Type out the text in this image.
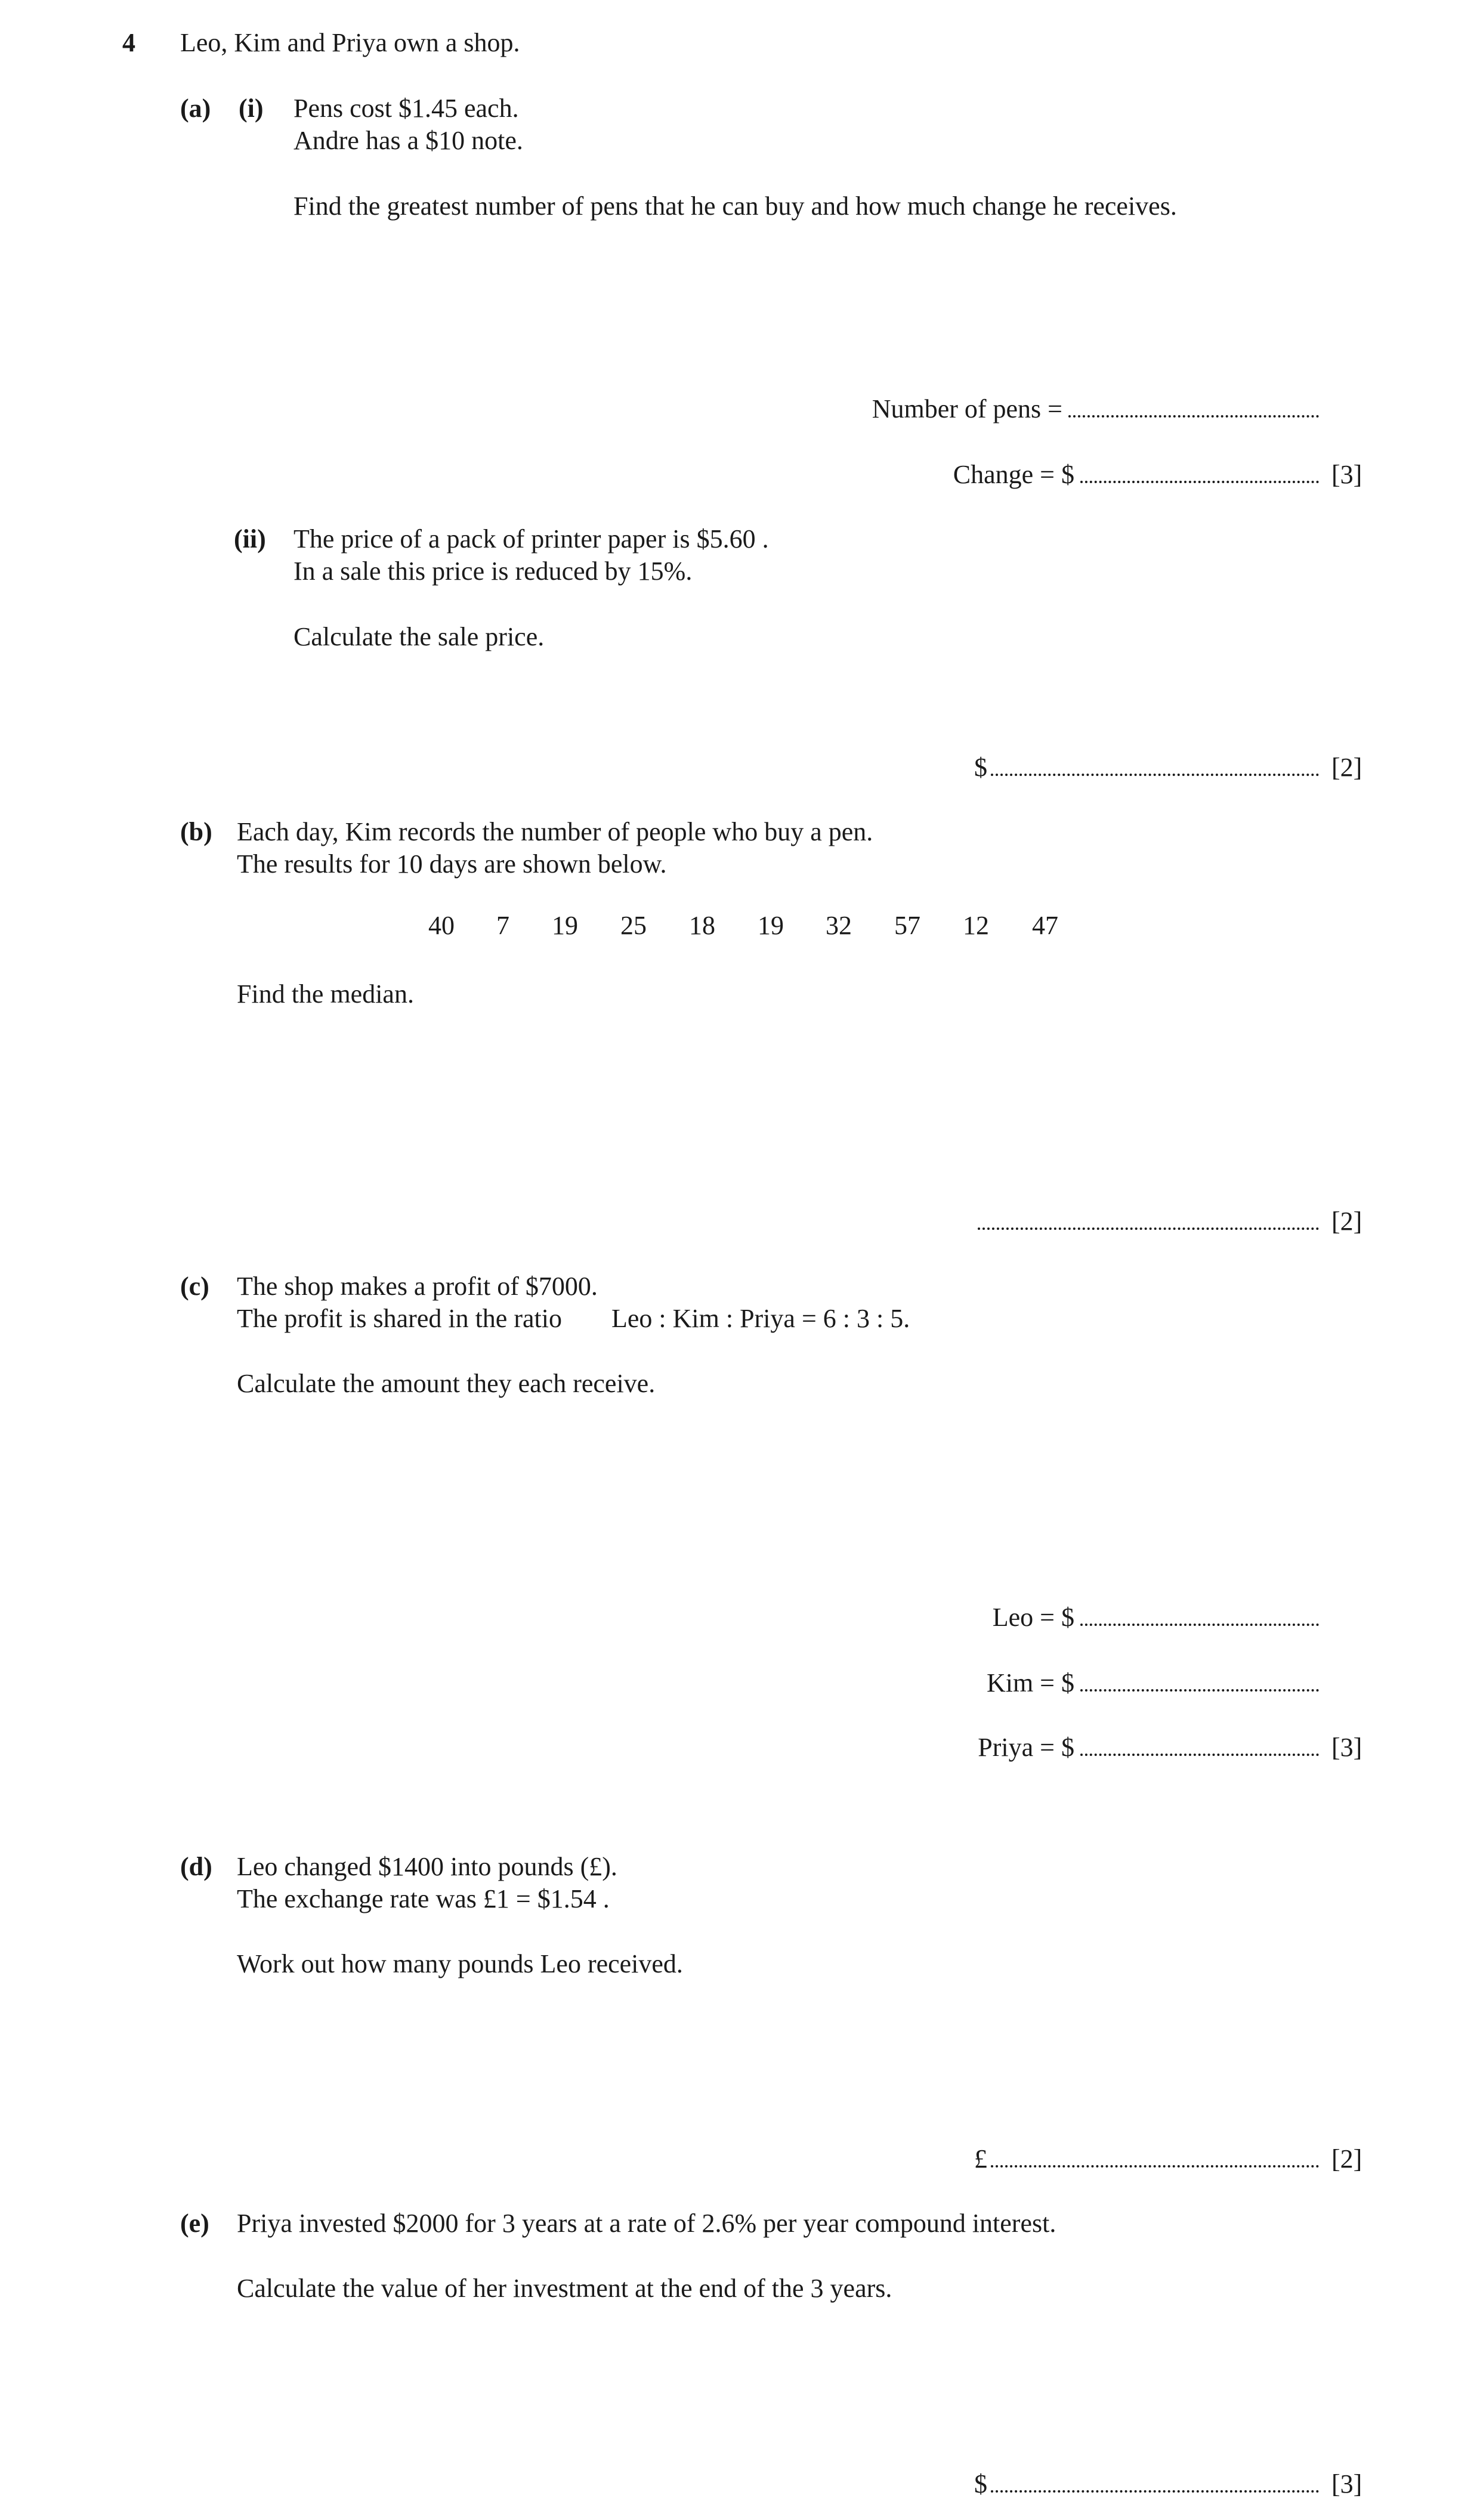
4 Leo, Kim and Priya own a shop.
(a) (i) Pens cost $1.45 each.
Andre has a $10 note.
Find the greatest number of pens that he can buy and how much change he receives.
Number of pens =
Change = $	[3]
(ii) The price of a pack of printer paper is $5.60 .
In a sale this price is reduced by 15%.
Calculate the sale price.
$	[2]
(b) Each day, Kim records the number of people who buy a pen.
The results for 10 days are shown below.
40 7 19 25 18 19 32 57 12 47
Find the median.
[2]
(c) The shop makes a profit of $7000.
The profit is shared in the ratio Leo : Kim : Priya = 6 : 3 : 5.
Calculate the amount they each receive.
Leo = $
Kim = $
Priya = $	[3]
(d) Leo changed $1400 into pounds (£).
The exchange rate was £1 = $1.54 .
Work out how many pounds Leo received.
£	[2]
(e) Priya invested $2000 for 3 years at a rate of 2.6% per year compound interest.
Calculate the value of her investment at the end of the 3 years.
$	[3]
